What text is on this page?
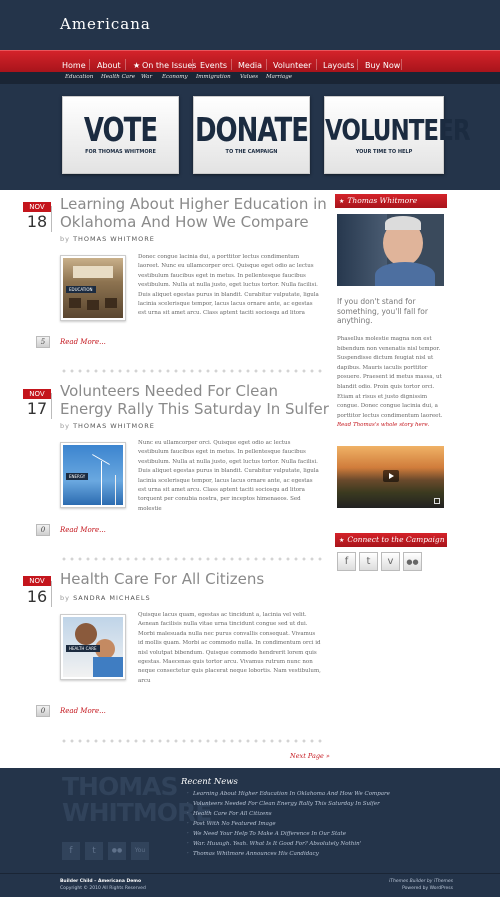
Americana
Home About ★ On the Issues Events Media Volunteer Layouts Buy Now
Education Health Care War Economy Immigration Values Marriage
VOTE
FOR THOMAS WHITMORE
DONATE
TO THE CAMPAIGN
VOLUNTEER
YOUR TIME TO HELP
NOV
18
Learning About Higher Education in Oklahoma And How We Compare
by THOMAS WHITMORE
EDUCATION
Donec congue lacinia dui, a porttitor lectus condimentum laoreet. Nunc eu ullamcorper orci. Quisque eget odio ac lectus vestibulum faucibus eget in metus. In pellentesque faucibus vestibulum. Nulla at nulla justo, eget luctus tortor. Nulla facilisi. Duis aliquet egestas purus in blandit. Curabitur vulputate, ligula lacinia scelerisque tempor, lacus lacus ornare ante, ac egestas est urna sit amet arcu. Class aptent taciti sociosqu ad litora
5	Read More...
NOV
17
Volunteers Needed For Clean Energy Rally This Saturday In Sulfer
by THOMAS WHITMORE
ENERGY
Nunc eu ullamcorper orci. Quisque eget odio ac lectus vestibulum faucibus eget in metus. In pellentesque faucibus vestibulum. Nulla at nulla justo, eget luctus tortor. Nulla facilisi. Duis aliquet egestas purus in blandit. Curabitur vulputate, ligula lacinia scelerisque tempor, lacus lacus ornare ante, ac egestas est urna sit amet arcu. Class aptent taciti sociosqu ad litora torquent per conubia nostra, per inceptos himenaeos. Sed molestie
0	Read More...
NOV
16
Health Care For All Citizens
by SANDRA MICHAELS
HEALTH CARE
Quisque lacus quam, egestas ac tincidunt a, lacinia vel velit. Aenean facilisis nulla vitae urna tincidunt congue sed ut dui. Morbi malesuada nulla nec purus convallis consequat. Vivamus id mollis quam. Morbi ac commodo nulla. In condimentum orci id nisl volutpat bibendum. Quisque commodo hendrerit lorem quis egestas. Maecenas quis tortor arcu. Vivamus rutrum nunc non neque consectetur quis placerat neque lobortis. Nam vestibulum, arcu
0	Read More...
Next Page »
★ Thomas Whitmore
If you don't stand for something, you'll fall for anything.
Phasellus molestie magna non est bibendum non venenatis nisl tempor. Suspendisse dictum feugiat nisl ut dapibus. Mauris iaculis porttitor posuere. Praesent id metus massa, ut blandit odio. Proin quis tortor orci. Etiam at risus et justo dignissim congue. Donec congue lacinia dui, a porttitor lectus condimentum laoreet. Read Thomas's whole story here.
★ Connect to the Campaign
f	t	v	●●
THOMAS
WHITMORE
f	t	●●	You
Recent News
· Learning About Higher Education In Oklahoma And How We Compare
· Volunteers Needed For Clean Energy Rally This Saturday In Sulfer
· Health Care For All Citizens
· Post With No Featured Image
· We Need Your Help To Make A Difference In Our State
· War. Huuugh. Yeah. What Is It Good For? Absolutely Nothin'
· Thomas Whitmore Announces His Candidacy
Builder Child – Americana Demo
Copyright © 2010 All Rights Reserved
iThemes Builder by iThemes
Powered by WordPress
